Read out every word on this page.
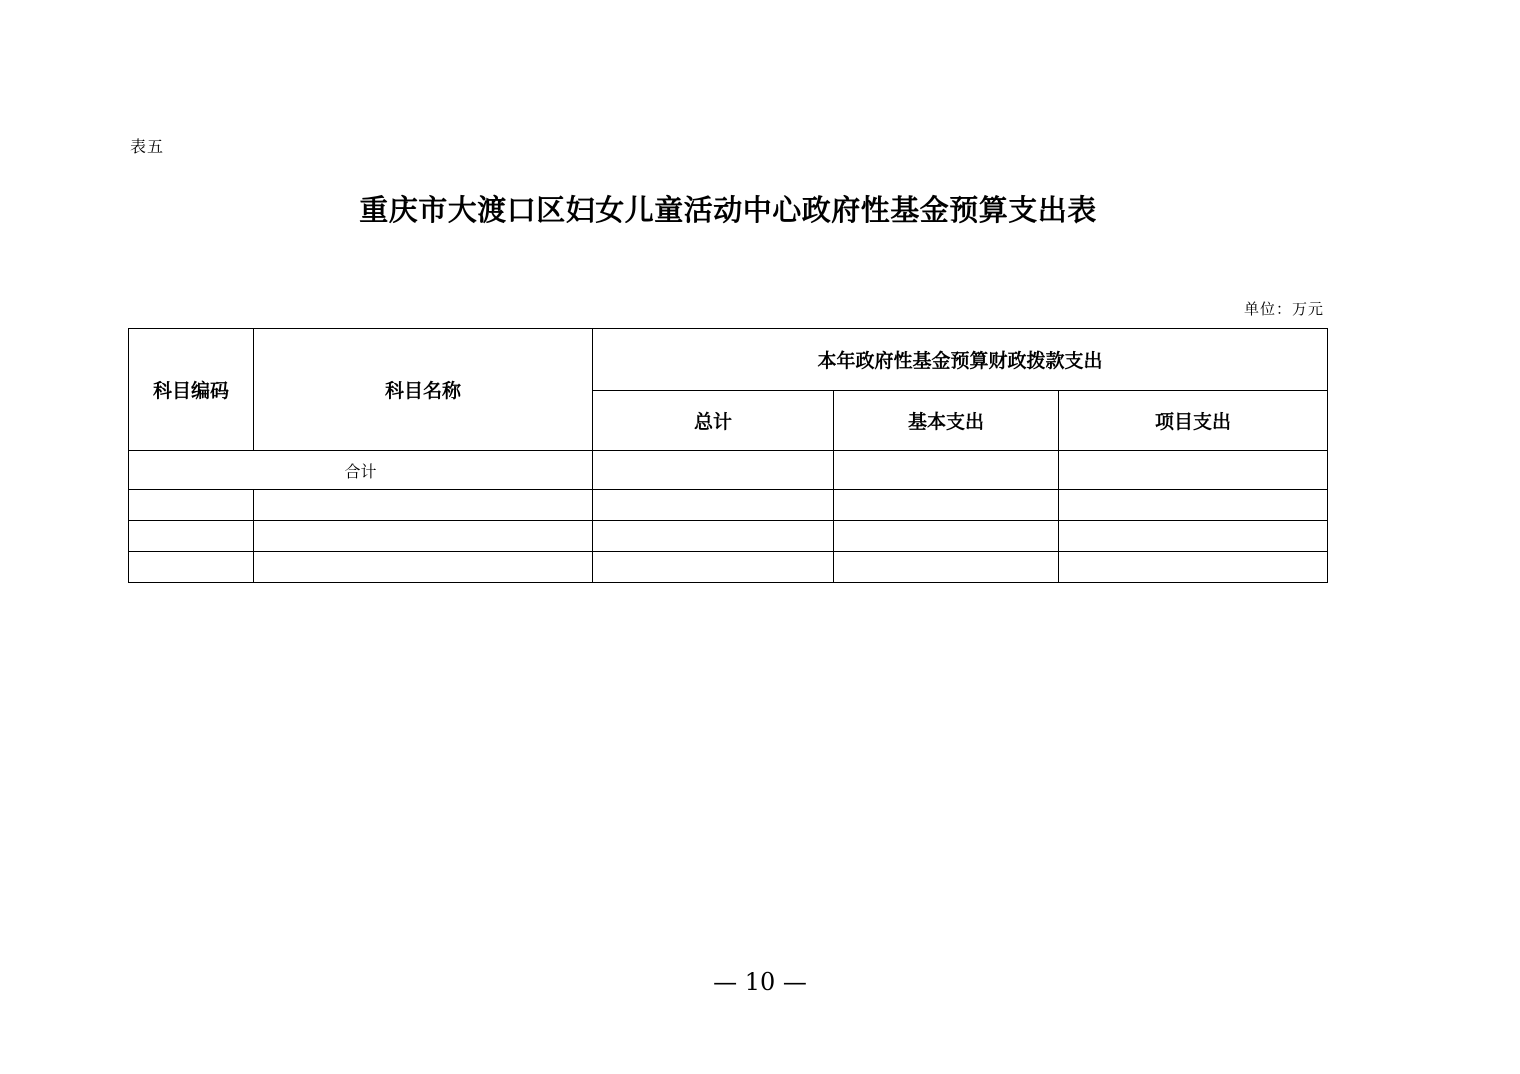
表五
重庆市大渡口区妇女儿童活动中心政府性基金预算支出表
单位：万元
科目编码	科目名称	本年政府性基金预算财政拨款支出		
		总计	基本支出	项目支出
合计				

— 10 —
